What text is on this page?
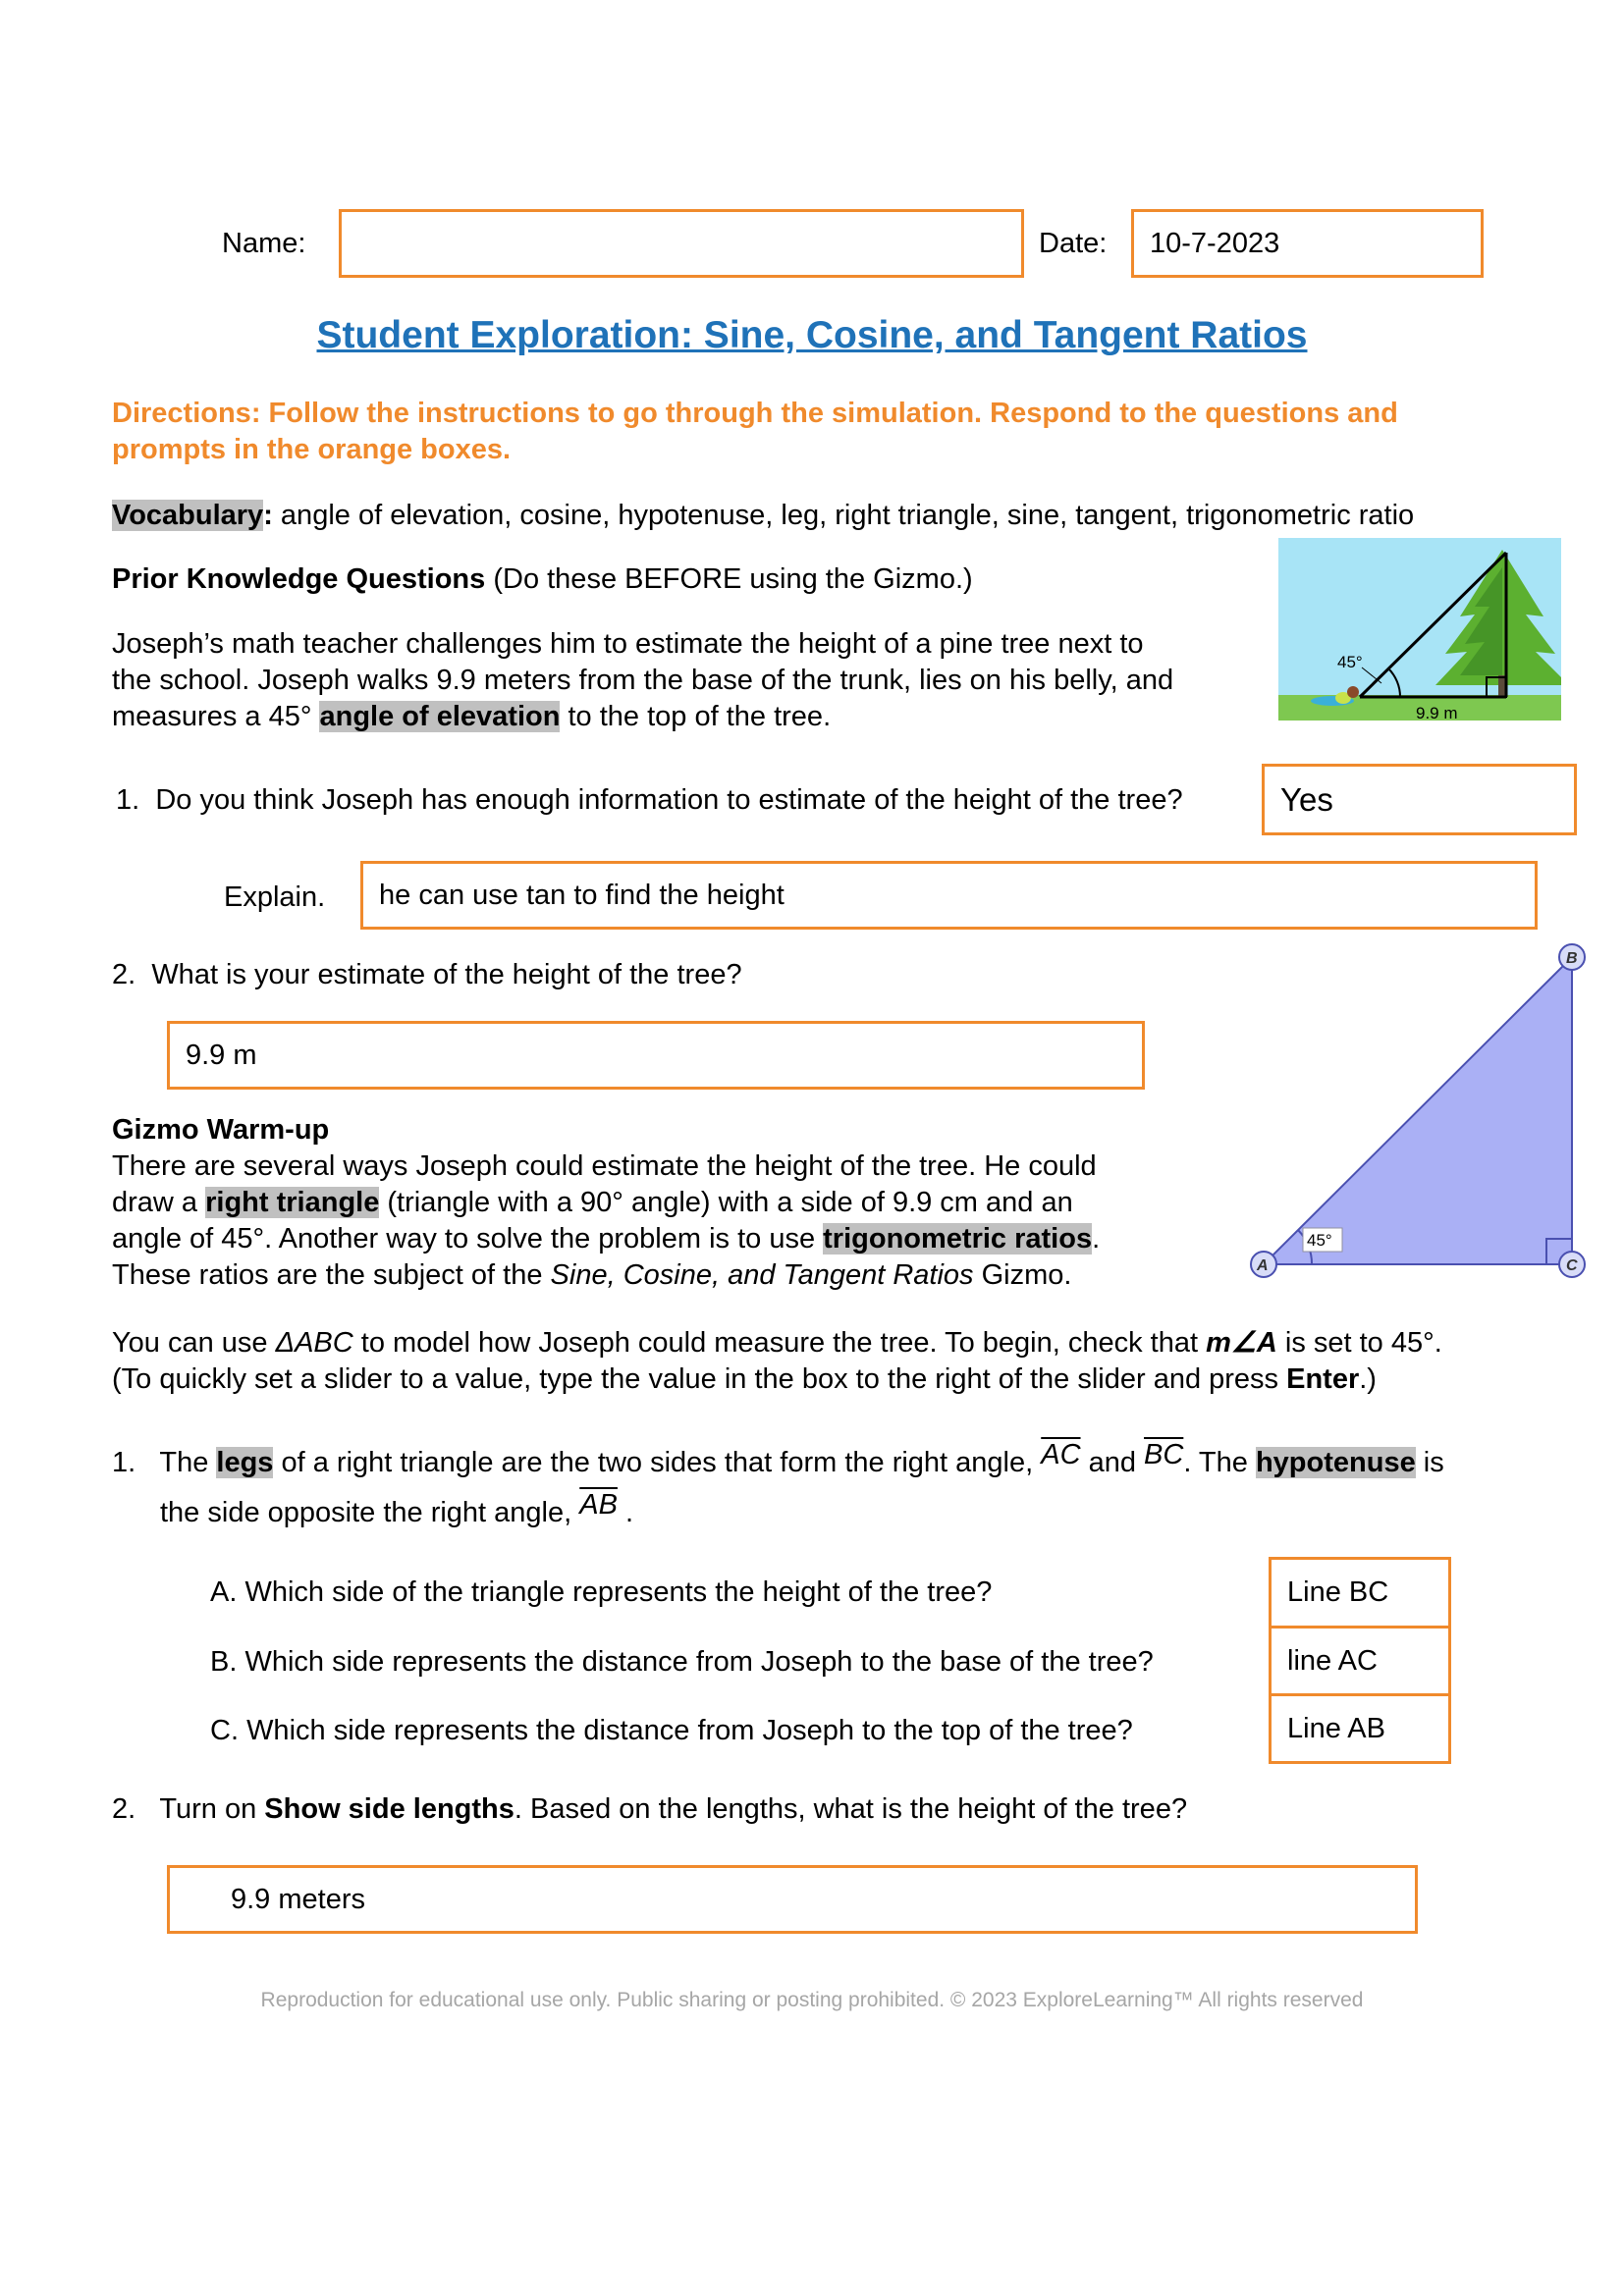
Name:	Date: 10-7-2023
Student Exploration: Sine, Cosine, and Tangent Ratios
Directions: Follow the instructions to go through the simulation. Respond to the questions and prompts in the orange boxes.
Vocabulary: angle of elevation, cosine, hypotenuse, leg, right triangle, sine, tangent, trigonometric ratio
Prior Knowledge Questions (Do these BEFORE using the Gizmo.)
45°
9.9 m
Joseph’s math teacher challenges him to estimate the height of a pine tree next to
the school. Joseph walks 9.9 meters from the base of the trunk, lies on his belly, and
measures a 45° angle of elevation to the top of the tree.
1. Do you think Joseph has enough information to estimate of the height of the tree?	Yes
Explain. he can use tan to find the height
2. What is your estimate of the height of the tree?
9.9 m
45°
A
B
C
Gizmo Warm-up
There are several ways Joseph could estimate the height of the tree. He could
draw a right triangle (triangle with a 90° angle) with a side of 9.9 cm and an
angle of 45°. Another way to solve the problem is to use trigonometric ratios.
These ratios are the subject of the Sine, Cosine, and Tangent Ratios Gizmo.
You can use ΔABC to model how Joseph could measure the tree. To begin, check that m∠A is set to 45°.
(To quickly set a slider to a value, type the value in the box to the right of the slider and press Enter.)
1. The legs of a right triangle are the two sides that form the right angle, $\overline{AC}$ and $\overline{BC}$. The hypotenuse is
the side opposite the right angle, $\overline{AB}$ .
A. Which side of the triangle represents the height of the tree?
B. Which side represents the distance from Joseph to the base of the tree?
C. Which side represents the distance from Joseph to the top of the tree?
Line BC
line AC
Line AB
2. Turn on Show side lengths. Based on the lengths, what is the height of the tree?
9.9 meters
Reproduction for educational use only. Public sharing or posting prohibited. © 2023 ExploreLearning™ All rights reserved
